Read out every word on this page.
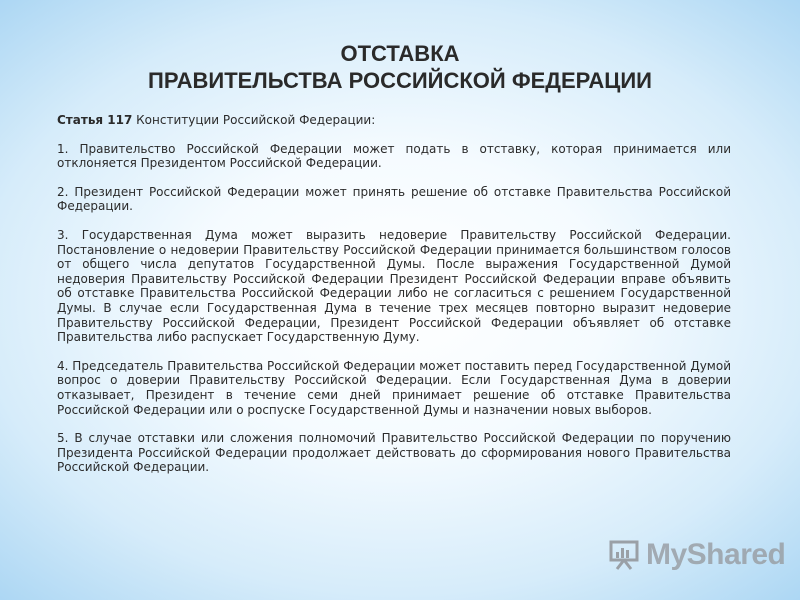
ОТСТАВКА
ПРАВИТЕЛЬСТВА РОССИЙСКОЙ ФЕДЕРАЦИИ

Статья 117 Конституции Российской Федерации:

1. Правительство Российской Федерации может подать в отставку, которая принимается или отклоняется Президентом Российской Федерации.

2. Президент Российской Федерации может принять решение об отставке Правительства Российской Федерации.

3. Государственная Дума может выразить недоверие Правительству Российской Федерации. Постановление о недоверии Правительству Российской Федерации принимается большинством голосов от общего числа депутатов Государственной Думы. После выражения Государственной Думой недоверия Правительству Российской Федерации Президент Российской Федерации вправе объявить об отставке Правительства Российской Федерации либо не согласиться с решением Государственной Думы. В случае если Государственная Дума в течение трех месяцев повторно выразит недоверие Правительству Российской Федерации, Президент Российской Федерации объявляет об отставке Правительства либо распускает Государственную Думу.

4. Председатель Правительства Российской Федерации может поставить перед Государственной Думой вопрос о доверии Правительству Российской Федерации. Если Государственная Дума в доверии отказывает, Президент в течение семи дней принимает решение об отставке Правительства Российской Федерации или о роспуске Государственной Думы и назначении новых выборов.

5. В случае отставки или сложения полномочий Правительство Российской Федерации по поручению Президента Российской Федерации продолжает действовать до сформирования нового Правительства Российской Федерации.

MyShared
